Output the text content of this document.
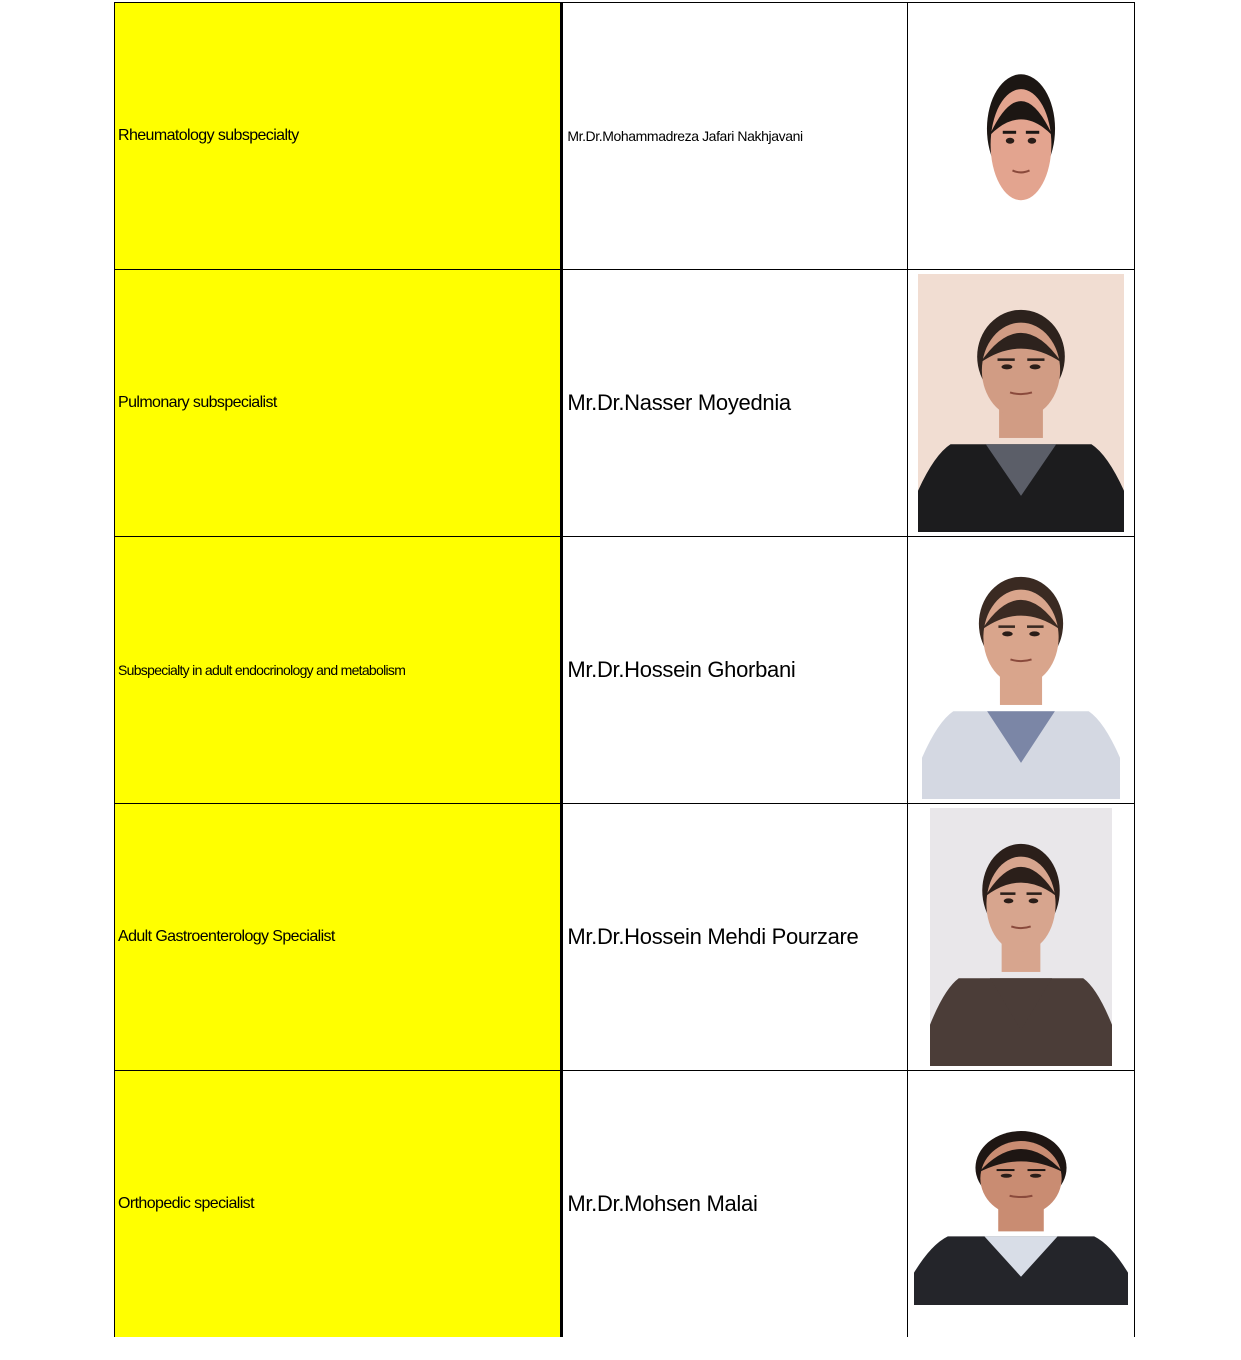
Rheumatology subspecialty	Mr.Dr.Mohammadreza Jafari Nakhjavani

Pulmonary subspecialist	Mr.Dr.Nasser Moyednia

Subspecialty in adult endocrinology and metabolism	Mr.Dr.Hossein Ghorbani

Adult Gastroenterology Specialist	Mr.Dr.Hossein Mehdi Pourzare

Orthopedic specialist	Mr.Dr.Mohsen Malai
